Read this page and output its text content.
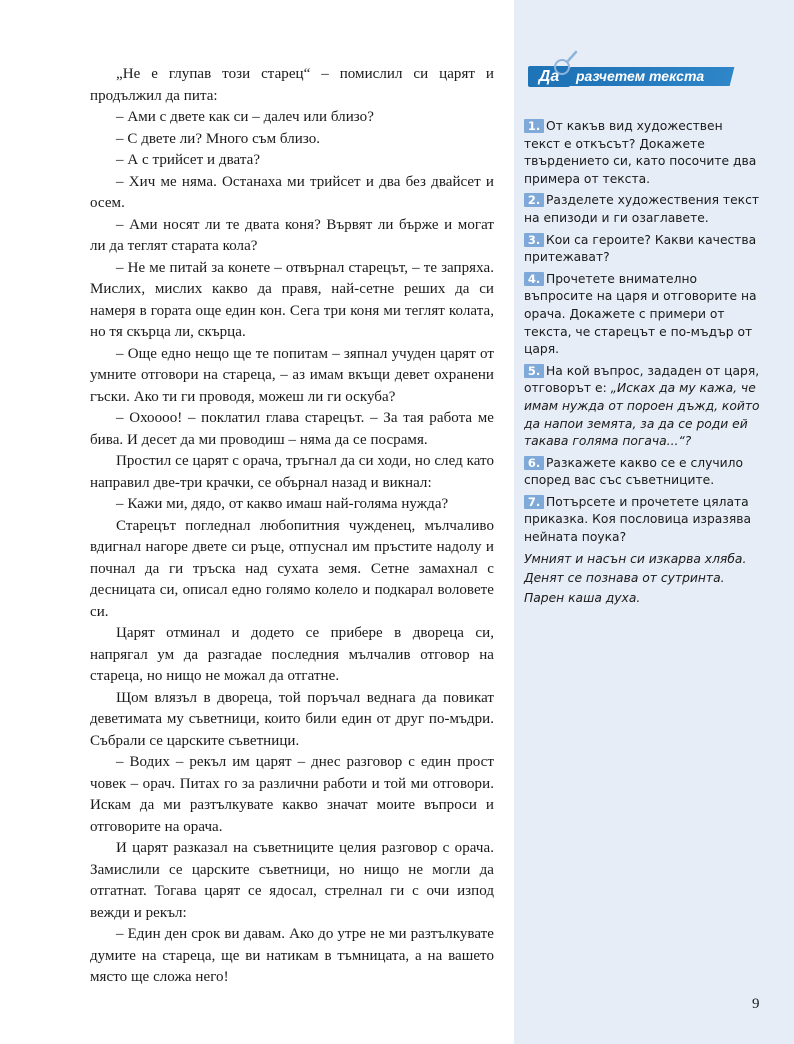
„Не е глупав този старец“ – помислил си царят и продължил да пита:

– Ами с двете как си – далеч или близо?

– С двете ли? Много съм близо.

– А с трийсет и двата?

– Хич ме няма. Останаха ми трийсет и два без двайсет и осем.

– Ами носят ли те двата коня? Вървят ли бърже и могат ли да теглят старата кола?

– Не ме питай за конете – отвърнал старецът, – те запряха. Мислих, мислих какво да правя, най-сетне реших да си намеря в гората още един кон. Сега три коня ми теглят колата, но тя скърца ли, скърца.

– Още едно нещо ще те попитам – зяпнал учуден царят от умните отговори на стареца, – аз имам вкъщи девет охранени гъски. Ако ти ги проводя, можеш ли ги оскуба?

– Охоооо! – поклатил глава старецът. – За тая работа ме бива. И десет да ми проводиш – няма да се посрамя.

Простил се царят с орача, тръгнал да си ходи, но след като направил две-три крачки, се обърнал назад и викнал:

– Кажи ми, дядо, от какво имаш най-голяма нужда?

Старецът погледнал любопитния чужденец, мълчаливо вдигнал нагоре двете си ръце, отпуснал им пръстите надолу и почнал да ги тръска над сухата земя. Сетне замахнал с десницата си, описал едно голямо колело и подкарал воловете си.

Царят отминал и додето се прибере в двореца си, напрягал ум да разгадае последния мълчалив отговор на стареца, но нищо не можал да отгатне.

Щом влязъл в двореца, той поръчал веднага да повикат деветимата му съветници, които били един от друг по-мъдри. Събрали се царските съветници.

– Водих – рекъл им царят – днес разговор с един прост човек – орач. Питах го за различни работи и той ми отговори. Искам да ми разтълкувате какво значат моите въпроси и отговорите на орача.

И царят разказал на съветниците целия разговор с орача. Замислили се царските съветници, но нищо не могли да отгатнат. Тогава царят се ядосал, стрелнал ги с очи изпод вежди и рекъл:

– Един ден срок ви давам. Ако до утре не ми разтълкувате думите на стареца, ще ви натикам в тъмницата, а на вашето място ще сложа него!

Да	разчетем текста

1. От какъв вид художествен текст е откъсът? Докажете твърдението си, като посочите два примера от текста.

2. Разделете художествения текст на епизоди и ги озаглавете.

3. Кои са героите? Какви качества притежават?

4. Прочетете внимателно въпросите на царя и отговорите на орача. Докажете с примери от текста, че старецът е по-мъдър от царя.

5. На кой въпрос, зададен от царя, отговорът е: „Исках да му кажа, че имам нужда от пороен дъжд, който да напои земята, за да се роди ей такава голяма погача...“?

6. Разкажете какво се е случило според вас със съветниците.

7. Потърсете и прочетете цялата приказка. Коя пословица изразява нейната поука?

Умният и насън си изкарва хляба.

Денят се познава от сутринта.

Парен каша духа.

9
